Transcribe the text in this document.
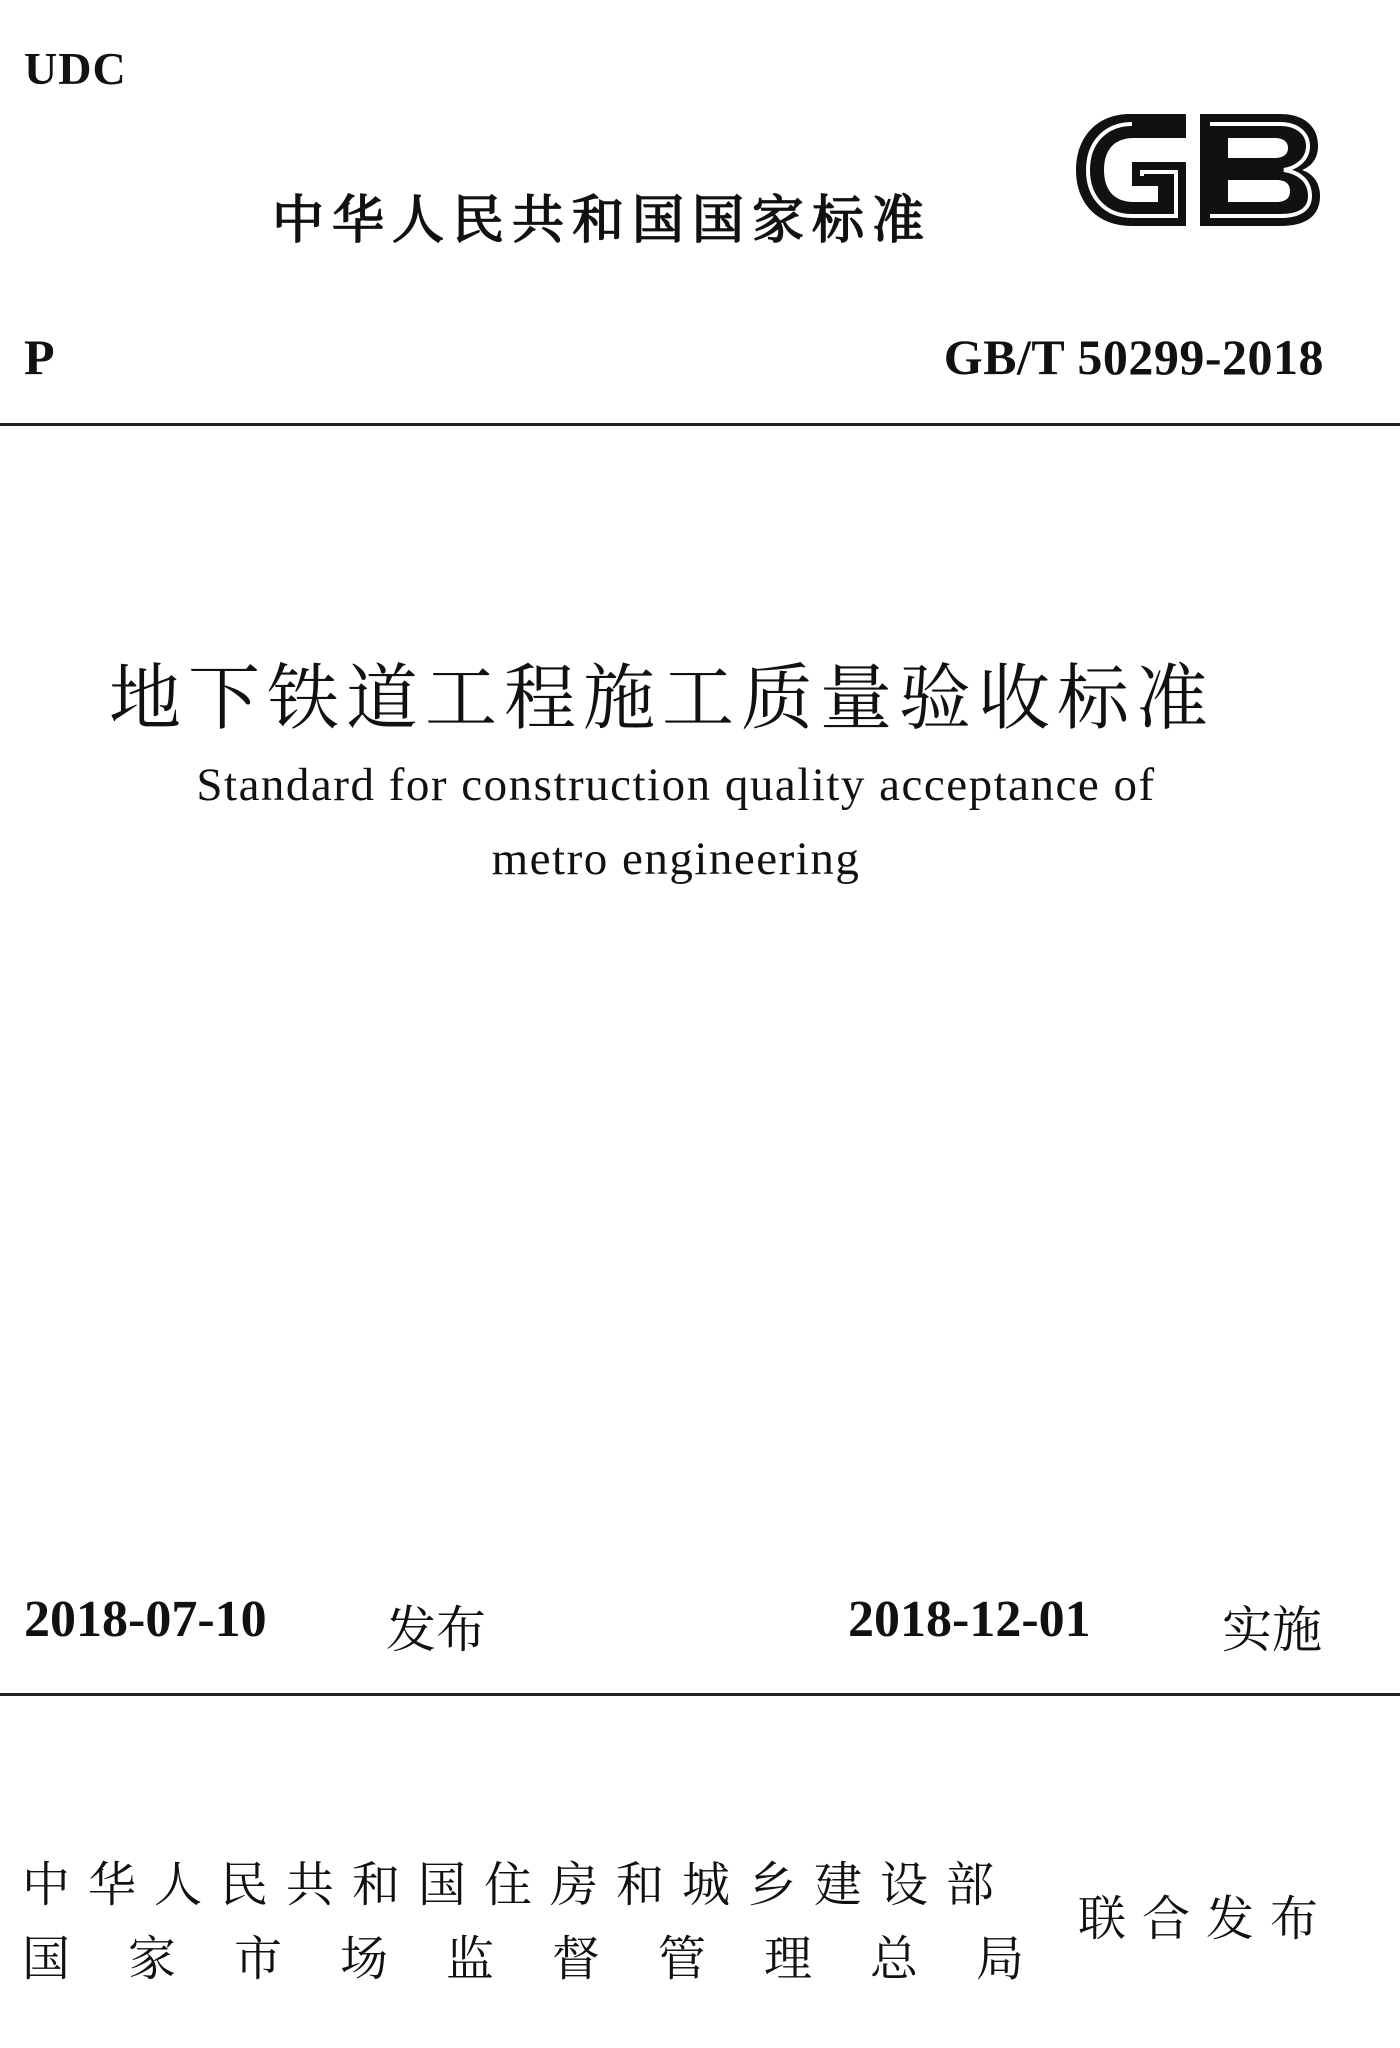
UDC
中华人民共和国国家标准
P	GB/T 50299-2018
地下铁道工程施工质量验收标准
Standard for construction quality acceptance of
metro engineering
2018-07-10 发布	2018-12-01	实施
中华人民共和国住房和城乡建设部
国家市场监督管理总局
联合发布
